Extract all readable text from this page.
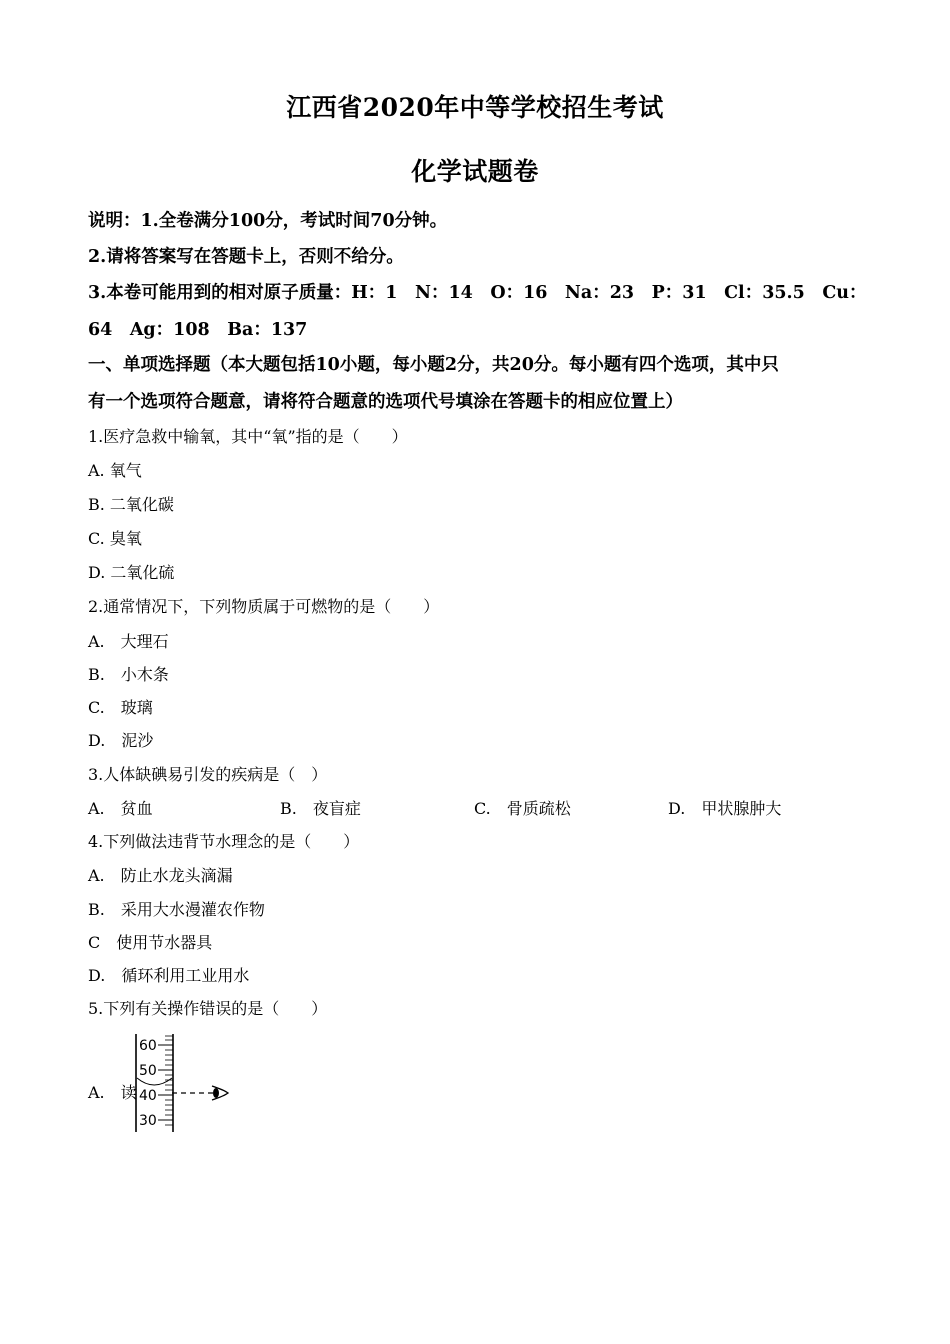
江西省2020年中等学校招生考试
化学试题卷
说明：1.全卷满分100分，考试时间70分钟。
2.请将答案写在答题卡上，否则不给分。
3.本卷可能用到的相对原子质量：H：1　N：14　O：16　Na：23　P：31　Cl：35.5　Cu：
64　Ag：108　Ba：137
一、单项选择题（本大题包括10小题，每小题2分，共20分。每小题有四个选项，其中只
有一个选项符合题意，请将符合题意的选项代号填涂在答题卡的相应位置上）
1.医疗急救中输氧，其中“氧”指的是（　　）
A. 氧气
B. 二氧化碳
C. 臭氧
D. 二氧化硫
2.通常情况下，下列物质属于可燃物的是（　　）
A.　大理石
B.　小木条
C.　玻璃
D.　泥沙
3.人体缺碘易引发的疾病是（　）
A.　贫血	B.　夜盲症	C.　骨质疏松	D.　甲状腺肿大
4.下列做法违背节水理念的是（　　）
A.　防止水龙头滴漏
B.　采用大水漫灌农作物
C　使用节水器具
D.　循环利用工业用水
5.下列有关操作错误的是（　　）
A.　读
60
50
40
30
